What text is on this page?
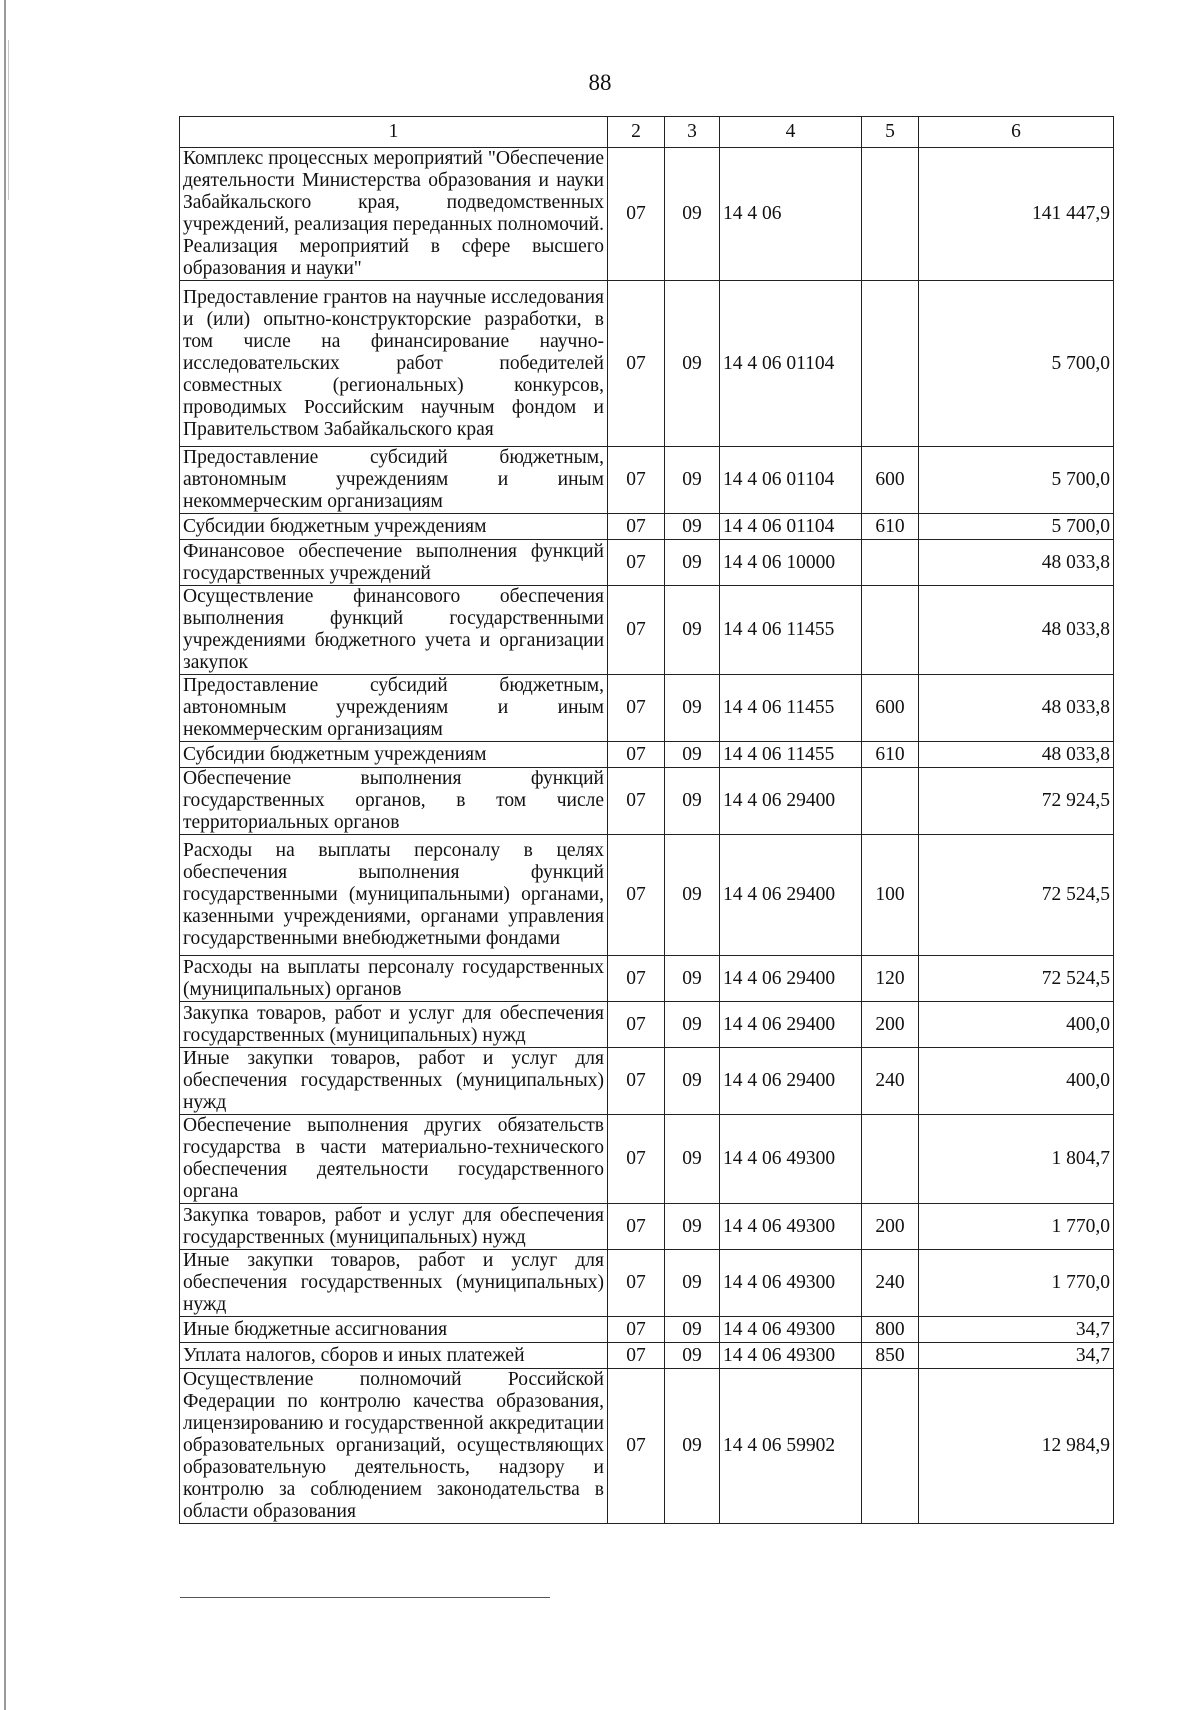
88
1	2	3	4	5	6
Комплекс процессных мероприятий "Обеспечение деятельности Министерства образования и науки Забайкальского края, подведомственных учреждений, реализация переданных полномочий. Реализация мероприятий в сфере высшего образования и науки"	07	09	14 4 06		141 447,9
Предоставление грантов на научные исследования и (или) опытно-конструкторские разработки, в том числе на финансирование научно-исследовательских работ победителей совместных (региональных) конкурсов, проводимых Российским научным фондом и Правительством Забайкальского края	07	09	14 4 06 01104		5 700,0
Предоставление субсидий бюджетным, автономным учреждениям и иным некоммерческим организациям	07	09	14 4 06 01104	600	5 700,0
Субсидии бюджетным учреждениям	07	09	14 4 06 01104	610	5 700,0
Финансовое обеспечение выполнения функций государственных учреждений	07	09	14 4 06 10000		48 033,8
Осуществление финансового обеспечения выполнения функций государственными учреждениями бюджетного учета и организации закупок	07	09	14 4 06 11455		48 033,8
Предоставление субсидий бюджетным, автономным учреждениям и иным некоммерческим организациям	07	09	14 4 06 11455	600	48 033,8
Субсидии бюджетным учреждениям	07	09	14 4 06 11455	610	48 033,8
Обеспечение выполнения функций государственных органов, в том числе территориальных органов	07	09	14 4 06 29400		72 924,5
Расходы на выплаты персоналу в целях обеспечения выполнения функций государственными (муниципальными) органами, казенными учреждениями, органами управления государственными внебюджетными фондами	07	09	14 4 06 29400	100	72 524,5
Расходы на выплаты персоналу государственных (муниципальных) органов	07	09	14 4 06 29400	120	72 524,5
Закупка товаров, работ и услуг для обеспечения государственных (муниципальных) нужд	07	09	14 4 06 29400	200	400,0
Иные закупки товаров, работ и услуг для обеспечения государственных (муниципальных) нужд	07	09	14 4 06 29400	240	400,0
Обеспечение выполнения других обязательств государства в части материально-технического обеспечения деятельности государственного органа	07	09	14 4 06 49300		1 804,7
Закупка товаров, работ и услуг для обеспечения государственных (муниципальных) нужд	07	09	14 4 06 49300	200	1 770,0
Иные закупки товаров, работ и услуг для обеспечения государственных (муниципальных) нужд	07	09	14 4 06 49300	240	1 770,0
Иные бюджетные ассигнования	07	09	14 4 06 49300	800	34,7
Уплата налогов, сборов и иных платежей	07	09	14 4 06 49300	850	34,7
Осуществление полномочий Российской Федерации по контролю качества образования, лицензированию и государственной аккредитации образовательных организаций, осуществляющих образовательную деятельность, надзору и контролю за соблюдением законодательства в области образования	07	09	14 4 06 59902		12 984,9
